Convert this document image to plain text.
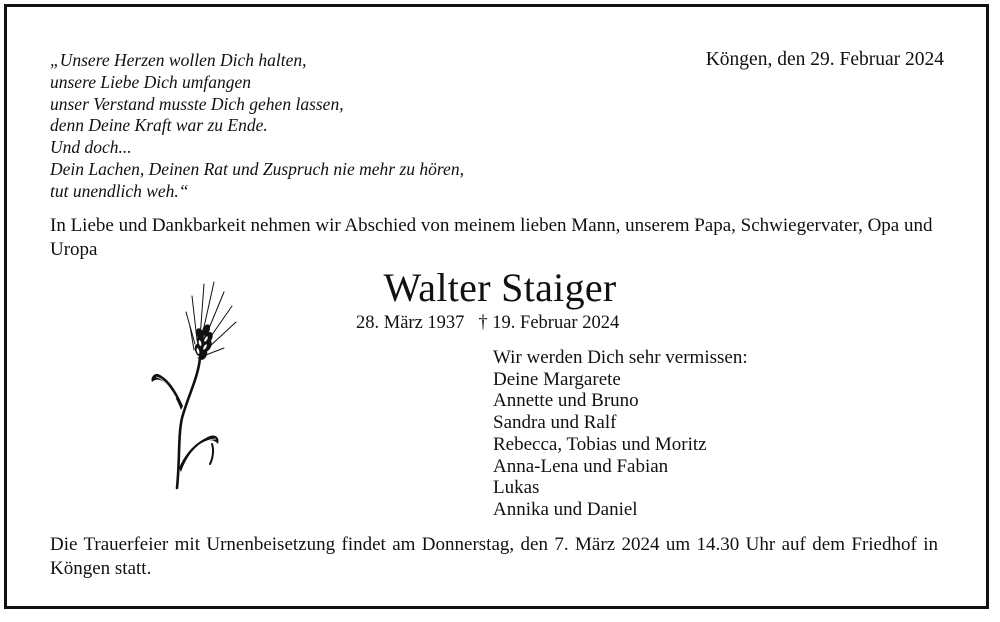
„Unsere Herzen wollen Dich halten,
unsere Liebe Dich umfangen
unser Verstand musste Dich gehen lassen,
denn Deine Kraft war zu Ende.
Und doch...
Dein Lachen, Deinen Rat und Zuspruch nie mehr zu hören,
tut unendlich weh.“
Köngen, den 29. Februar 2024
In Liebe und Dankbarkeit nehmen wir Abschied von meinem lieben Mann, unserem Papa, Schwiegervater, Opa und Uropa
Walter Staiger
28. März 1937 † 19. Februar 2024
Wir werden Dich sehr vermissen:
Deine Margarete
Annette und Bruno
Sandra und Ralf
Rebecca, Tobias und Moritz
Anna-Lena und Fabian
Lukas
Annika und Daniel
Die Trauerfeier mit Urnenbeisetzung findet am Donnerstag, den 7. März 2024 um 14.30 Uhr auf dem Friedhof in Köngen statt.
